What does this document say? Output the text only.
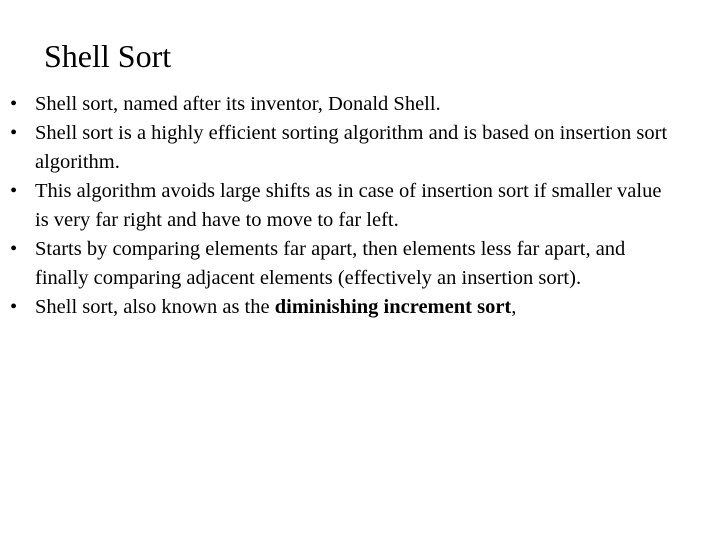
Shell Sort
• Shell sort, named after its inventor, Donald Shell.
• Shell sort is a highly efficient sorting algorithm and is based on insertion sort algorithm.
• This algorithm avoids large shifts as in case of insertion sort if smaller value is very far right and have to move to far left.
• Starts by comparing elements far apart, then elements less far apart, and finally comparing adjacent elements (effectively an insertion sort).
• Shell sort, also known as the diminishing increment sort,
